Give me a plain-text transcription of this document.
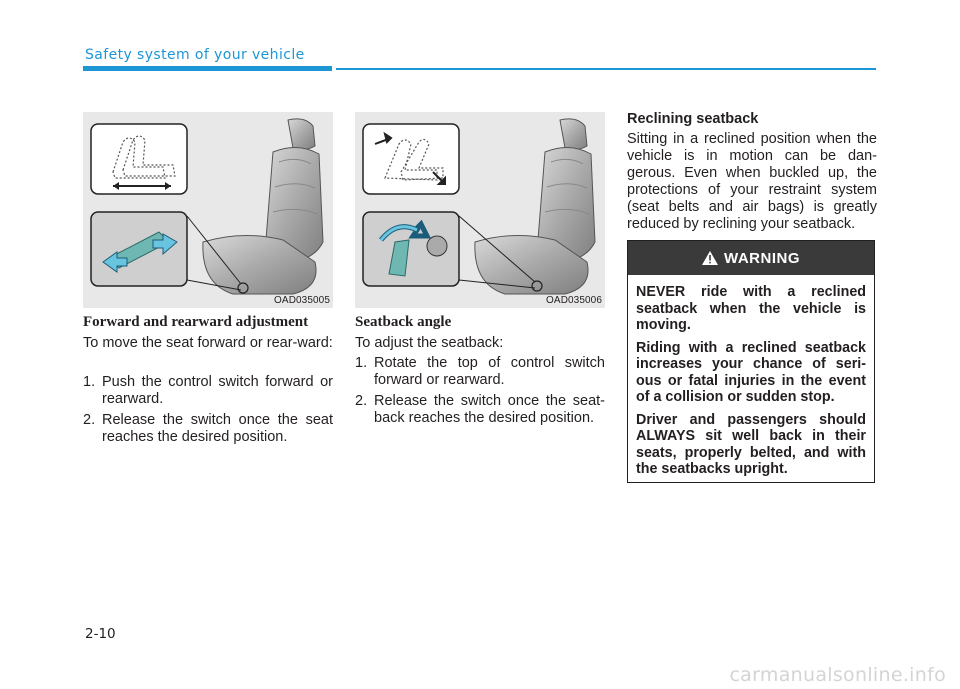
Safety system of your vehicle
OAD035005	OAD035006
Forward and rearward adjustment
To move the seat forward or rear-ward:
1. Push the control switch forward or rearward.
2. Release the switch once the seat reaches the desired position.
Seatback angle
To adjust the seatback:
1. Rotate the top of control switch forward or rearward.
2. Release the switch once the seat-back reaches the desired position.
Reclining seatback
Sitting in a reclined position when the vehicle is in motion can be dan-gerous. Even when buckled up, the protections of your restraint system (seat belts and air bags) is greatly reduced by reclining your seatback.
WARNING

NEVER ride with a reclined seatback when the vehicle is moving.

Riding with a reclined seatback increases your chance of seri-ous or fatal injuries in the event of a collision or sudden stop.

Driver and passengers should ALWAYS sit well back in their seats, properly belted, and with the seatbacks upright.

2-10
carmanualsonline.info
